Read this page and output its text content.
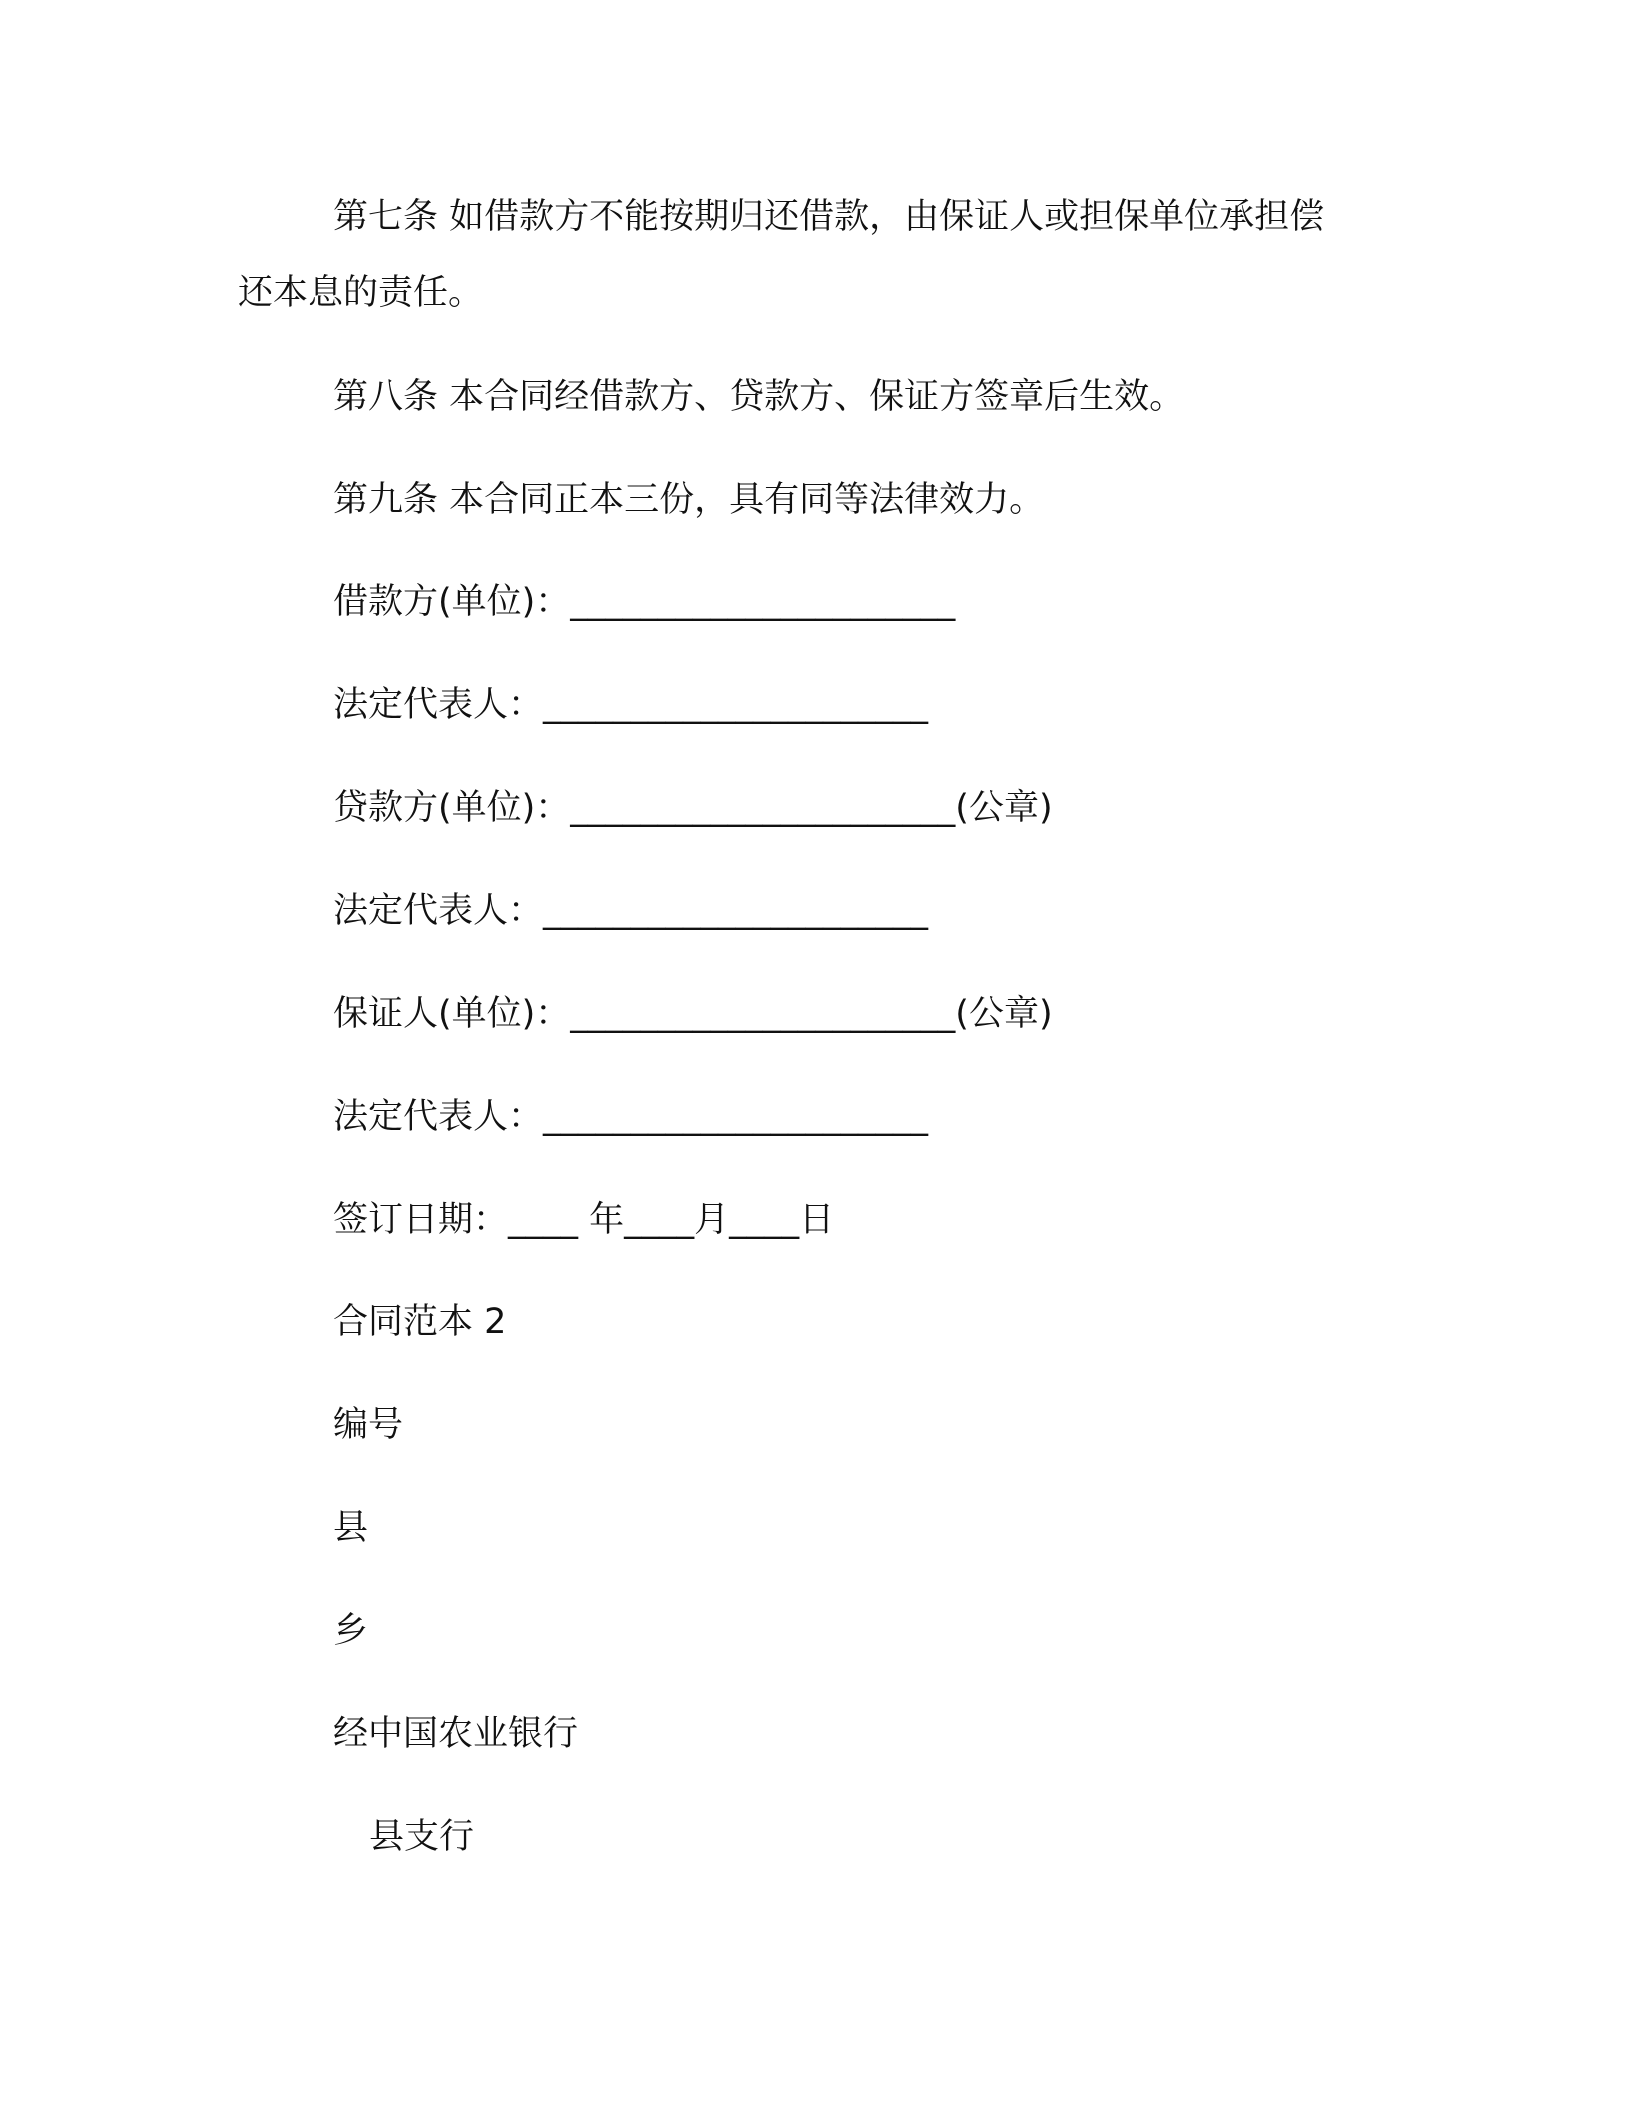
第七条 如借款方不能按期归还借款，由保证人或担保单位承担偿
还本息的责任。
第八条 本合同经借款方、贷款方、保证方签章后生效。
第九条 本合同正本三份，具有同等法律效力。
借款方(单位)：______________________
法定代表人：______________________
贷款方(单位)：______________________(公章)
法定代表人：______________________
保证人(单位)：______________________(公章)
法定代表人：______________________
签订日期：____ 年____月____日
合同范本 2
编号
县
乡
经中国农业银行
县支行
